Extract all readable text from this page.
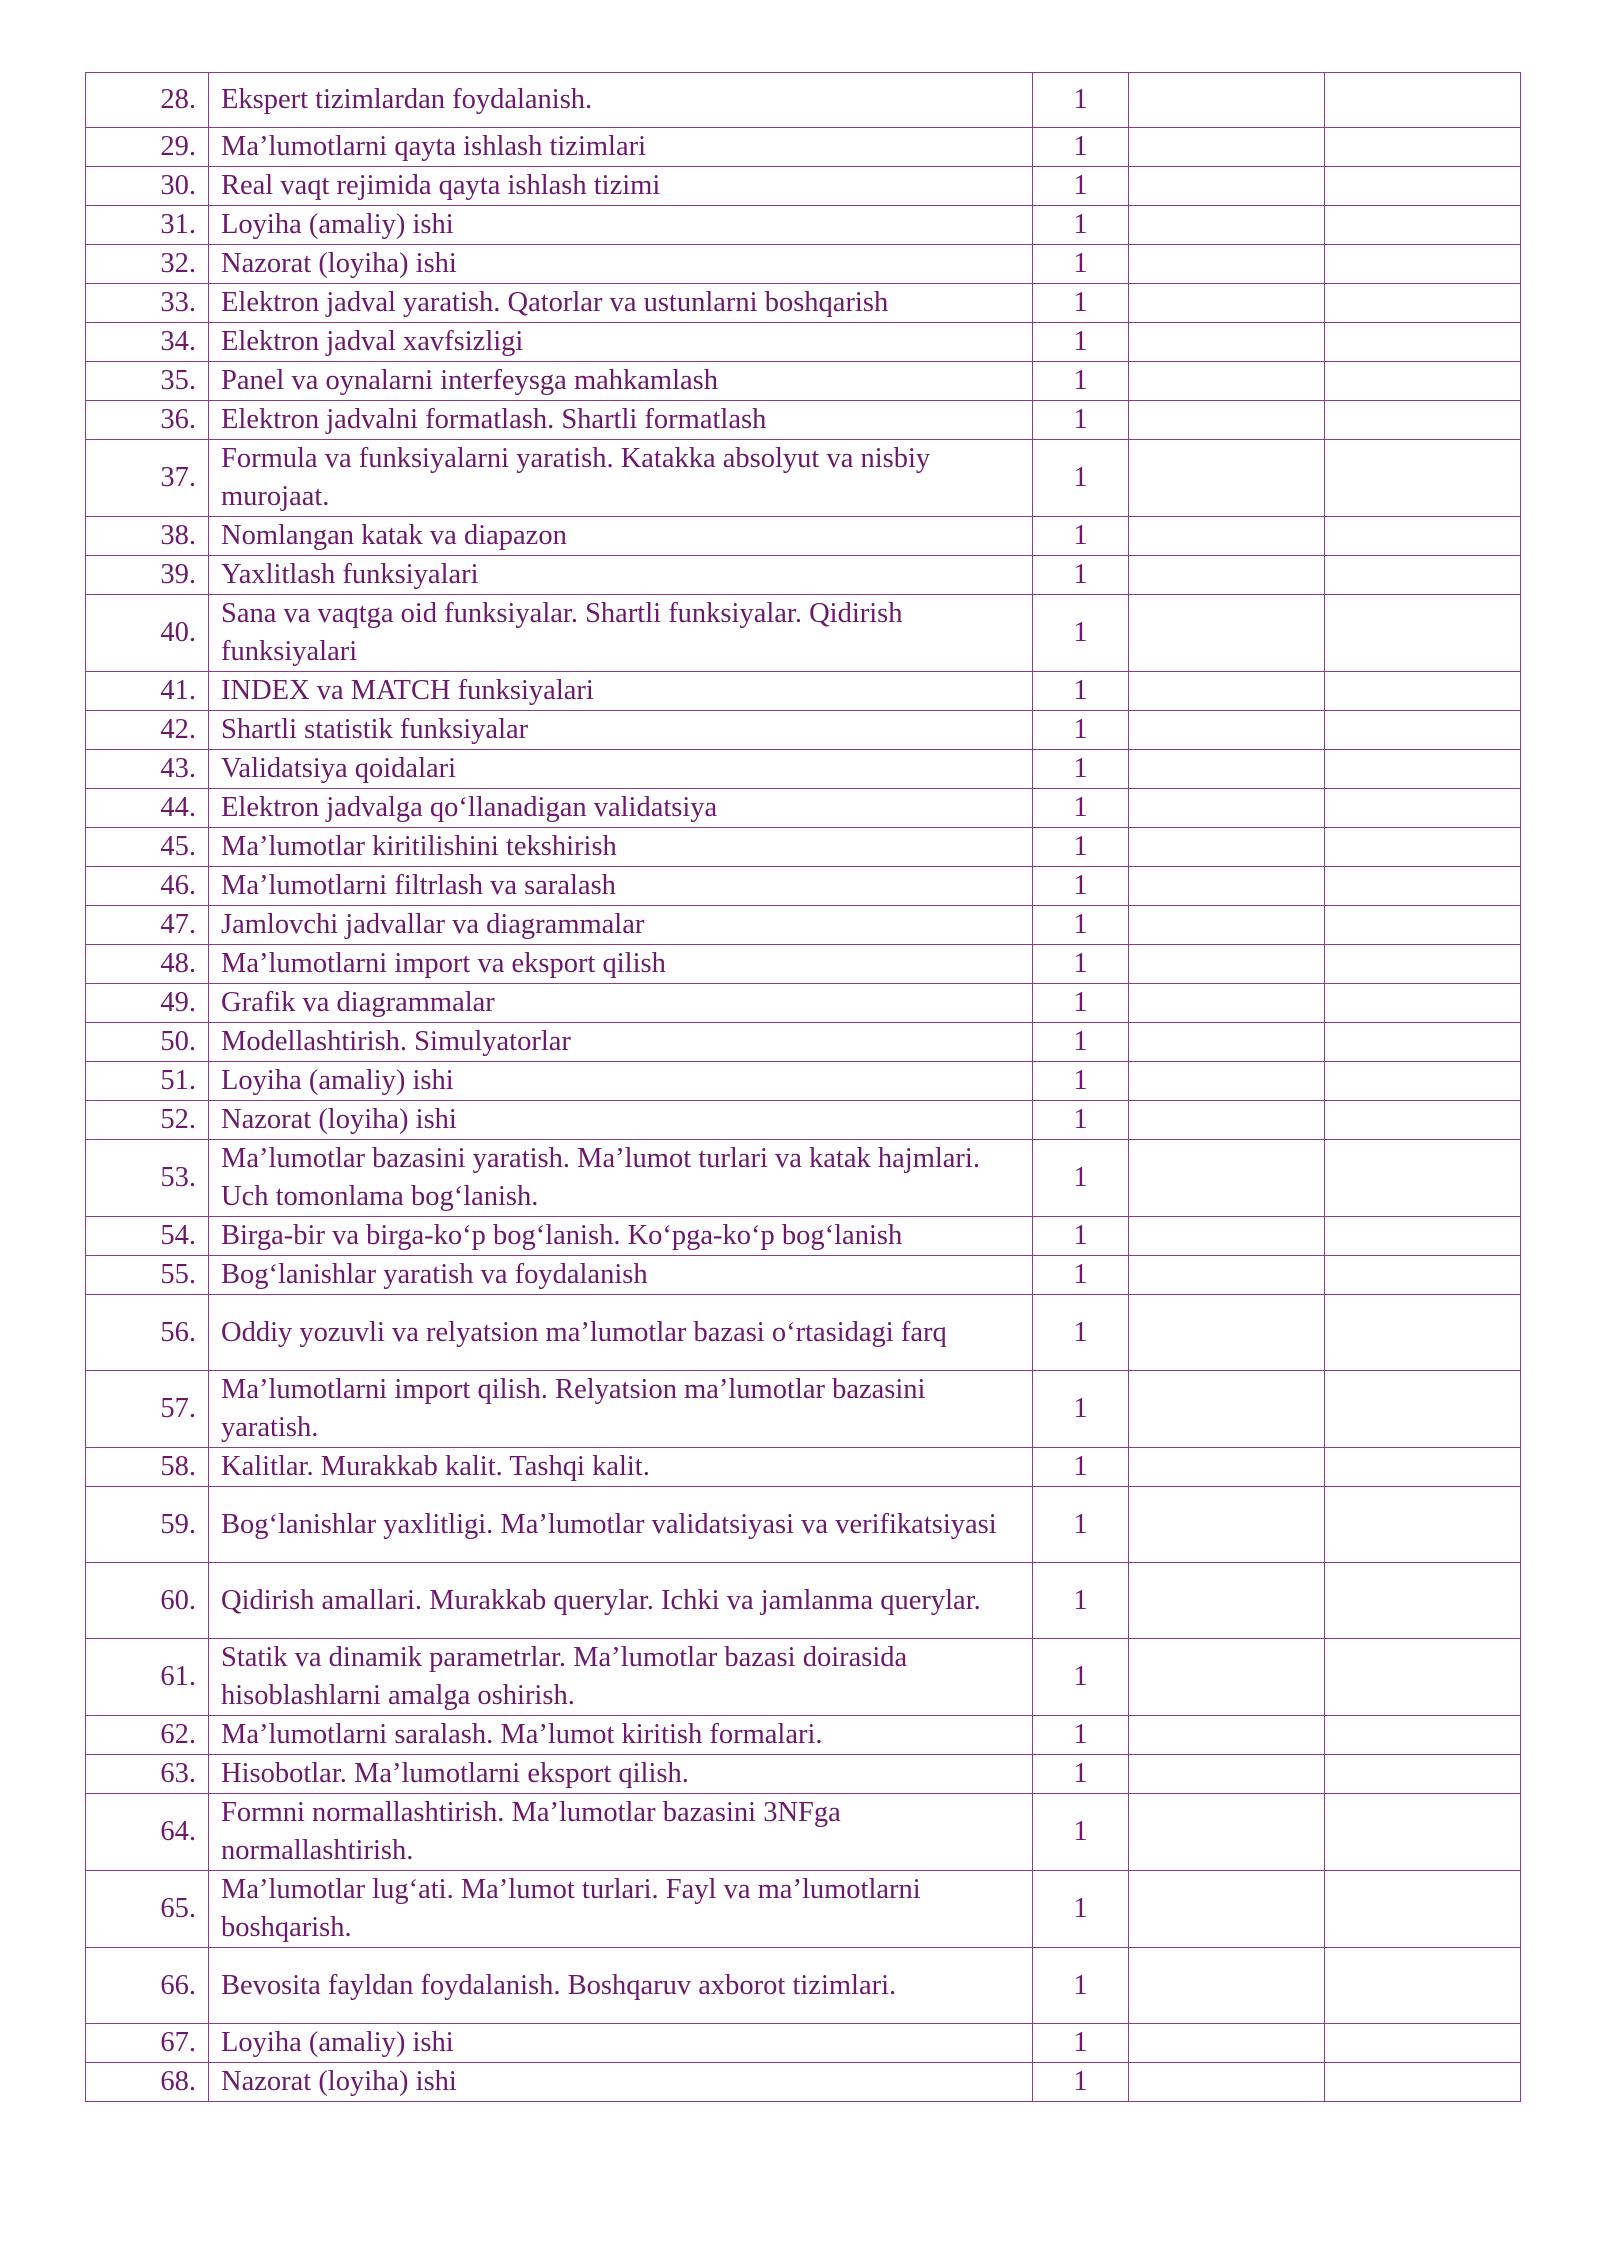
28.	Ekspert tizimlardan foydalanish.	1		
29.	Ma’lumotlarni qayta ishlash tizimlari	1		
30.	Real vaqt rejimida qayta ishlash tizimi	1		
31.	Loyiha (amaliy) ishi	1		
32.	Nazorat (loyiha) ishi	1		
33.	Elektron jadval yaratish. Qatorlar va ustunlarni boshqarish	1		
34.	Elektron jadval xavfsizligi	1		
35.	Panel va oynalarni interfeysga mahkamlash	1		
36.	Elektron jadvalni formatlash. Shartli formatlash	1		
37.	Formula va funksiyalarni yaratish. Katakka absolyut va nisbiy murojaat.	1		
38.	Nomlangan katak va diapazon	1		
39.	Yaxlitlash funksiyalari	1		
40.	Sana va vaqtga oid funksiyalar. Shartli funksiyalar. Qidirish funksiyalari	1		
41.	INDEX va MATCH funksiyalari	1		
42.	Shartli statistik funksiyalar	1		
43.	Validatsiya qoidalari	1		
44.	Elektron jadvalga qo‘llanadigan validatsiya	1		
45.	Ma’lumotlar kiritilishini tekshirish	1		
46.	Ma’lumotlarni filtrlash va saralash	1		
47.	Jamlovchi jadvallar va diagrammalar	1		
48.	Ma’lumotlarni import va eksport qilish	1		
49.	Grafik va diagrammalar	1		
50.	Modellashtirish. Simulyatorlar	1		
51.	Loyiha (amaliy) ishi	1		
52.	Nazorat (loyiha) ishi	1		
53.	Ma’lumotlar bazasini yaratish. Ma’lumot turlari va katak hajmlari. Uch tomonlama bog‘lanish.	1		
54.	Birga-bir va birga-ko‘p bog‘lanish. Ko‘pga-ko‘p bog‘lanish	1		
55.	Bog‘lanishlar yaratish va foydalanish	1		
56.	Oddiy yozuvli va relyatsion ma’lumotlar bazasi o‘rtasidagi farq	1		
57.	Ma’lumotlarni import qilish. Relyatsion ma’lumotlar bazasini yaratish.	1		
58.	Kalitlar. Murakkab kalit. Tashqi kalit.	1		
59.	Bog‘lanishlar yaxlitligi. Ma’lumotlar validatsiyasi va verifikatsiyasi	1		
60.	Qidirish amallari. Murakkab querylar. Ichki va jamlanma querylar.	1		
61.	Statik va dinamik parametrlar. Ma’lumotlar bazasi doirasida hisoblashlarni amalga oshirish.	1		
62.	Ma’lumotlarni saralash. Ma’lumot kiritish formalari.	1		
63.	Hisobotlar. Ma’lumotlarni eksport qilish.	1		
64.	Formni normallashtirish. Ma’lumotlar bazasini 3NFga normallashtirish.	1		
65.	Ma’lumotlar lug‘ati. Ma’lumot turlari. Fayl va ma’lumotlarni boshqarish.	1		
66.	Bevosita fayldan foydalanish. Boshqaruv axborot tizimlari.	1		
67.	Loyiha (amaliy) ishi	1		
68.	Nazorat (loyiha) ishi	1		
